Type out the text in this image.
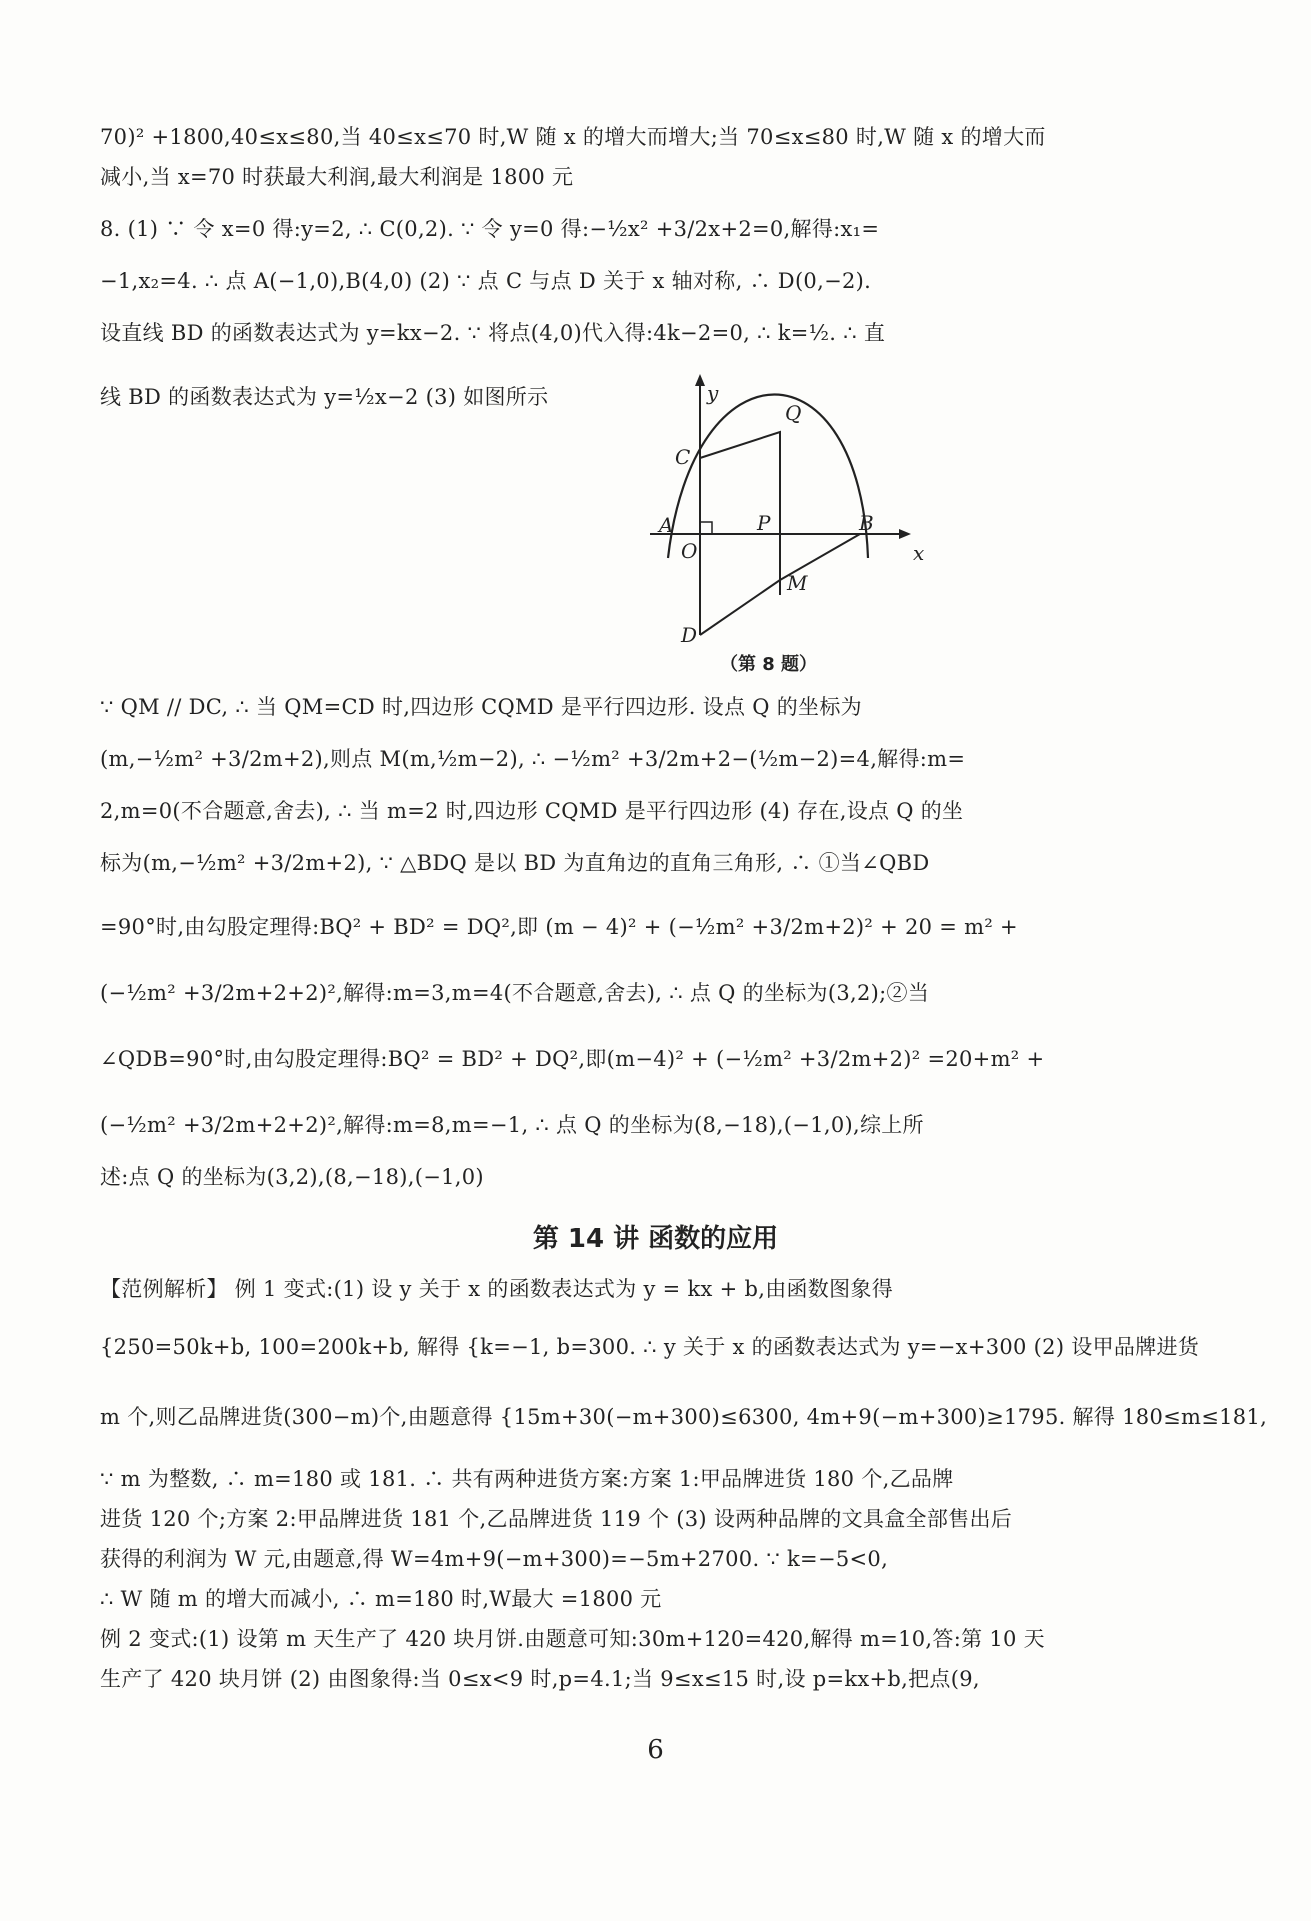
70)² +1800,40≤x≤80,当 40≤x≤70 时,W 随 x 的增大而增大;当 70≤x≤80 时,W 随 x 的增大而
减小,当 x=70 时获最大利润,最大利润是 1800 元
8. (1) ∵ 令 x=0 得:y=2, ∴ C(0,2). ∵ 令 y=0 得:−½x² +3/2x+2=0,解得:x₁=
−1,x₂=4. ∴ 点 A(−1,0),B(4,0) (2) ∵ 点 C 与点 D 关于 x 轴对称, ∴ D(0,−2).
设直线 BD 的函数表达式为 y=kx−2. ∵ 将点(4,0)代入得:4k−2=0, ∴ k=½. ∴ 直
线 BD 的函数表达式为 y=½x−2 (3) 如图所示	y
x
Q
C
A
O
P	B
M
D
（第 8 题）
∵ QM // DC, ∴ 当 QM=CD 时,四边形 CQMD 是平行四边形. 设点 Q 的坐标为
(m,−½m² +3/2m+2),则点 M(m,½m−2), ∴ −½m² +3/2m+2−(½m−2)=4,解得:m=
2,m=0(不合题意,舍去), ∴ 当 m=2 时,四边形 CQMD 是平行四边形 (4) 存在,设点 Q 的坐
标为(m,−½m² +3/2m+2), ∵ △BDQ 是以 BD 为直角边的直角三角形, ∴ ①当∠QBD
=90°时,由勾股定理得:BQ² + BD² = DQ²,即 (m − 4)² + (−½m² +3/2m+2)² + 20 = m² +
(−½m² +3/2m+2+2)²,解得:m=3,m=4(不合题意,舍去), ∴ 点 Q 的坐标为(3,2);②当
∠QDB=90°时,由勾股定理得:BQ² = BD² + DQ²,即(m−4)² + (−½m² +3/2m+2)² =20+m² +
(−½m² +3/2m+2+2)²,解得:m=8,m=−1, ∴ 点 Q 的坐标为(8,−18),(−1,0),综上所
述:点 Q 的坐标为(3,2),(8,−18),(−1,0)
第 14 讲 函数的应用
【范例解析】 例 1 变式:(1) 设 y 关于 x 的函数表达式为 y = kx + b,由函数图象得
{250=50k+b, 100=200k+b, 解得 {k=−1, b=300. ∴ y 关于 x 的函数表达式为 y=−x+300 (2) 设甲品牌进货
m 个,则乙品牌进货(300−m)个,由题意得 {15m+30(−m+300)≤6300, 4m+9(−m+300)≥1795. 解得 180≤m≤181,
∵ m 为整数, ∴ m=180 或 181. ∴ 共有两种进货方案:方案 1:甲品牌进货 180 个,乙品牌
进货 120 个;方案 2:甲品牌进货 181 个,乙品牌进货 119 个 (3) 设两种品牌的文具盒全部售出后
获得的利润为 W 元,由题意,得 W=4m+9(−m+300)=−5m+2700. ∵ k=−5<0,
∴ W 随 m 的增大而减小, ∴ m=180 时,W最大 =1800 元
例 2 变式:(1) 设第 m 天生产了 420 块月饼.由题意可知:30m+120=420,解得 m=10,答:第 10 天
生产了 420 块月饼 (2) 由图象得:当 0≤x<9 时,p=4.1;当 9≤x≤15 时,设 p=kx+b,把点(9,
6
